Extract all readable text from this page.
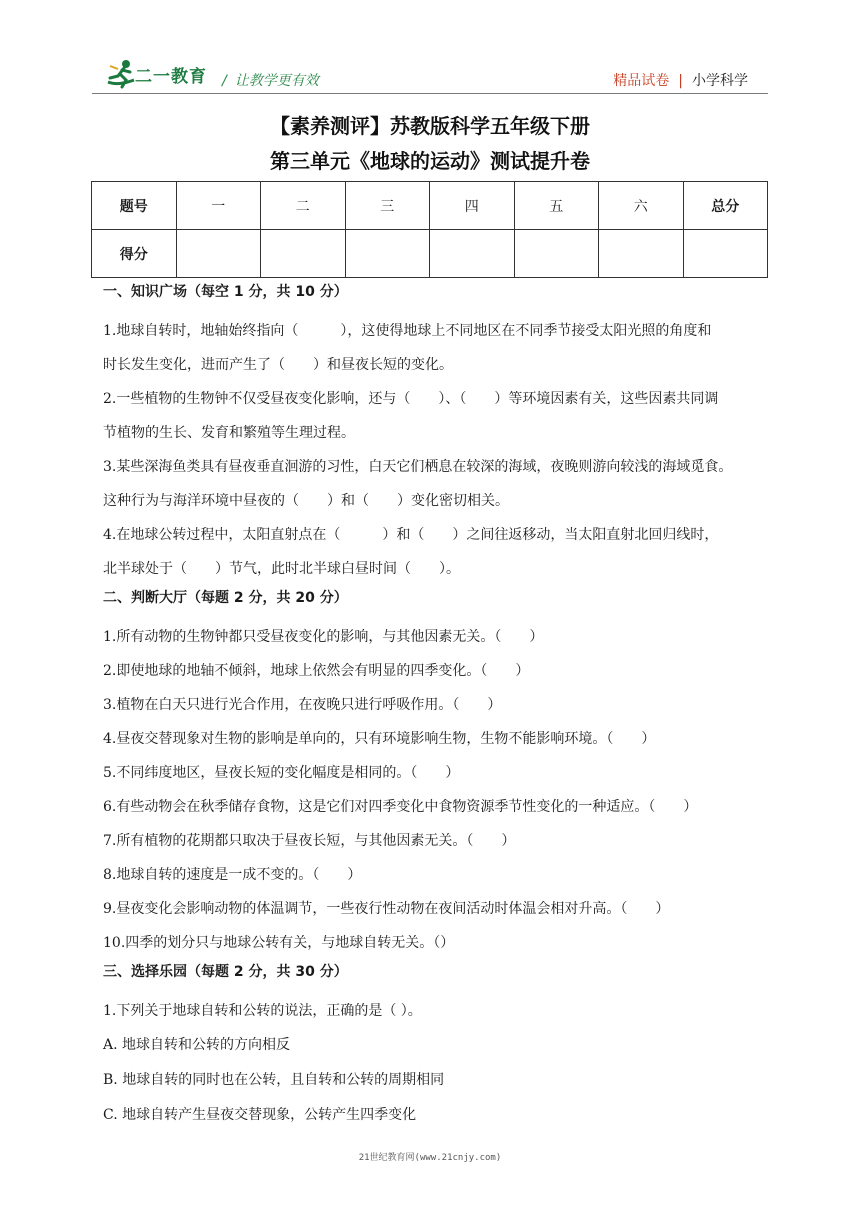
二一教育 / 让教学更有效	精品试卷 | 小学科学
【素养测评】苏教版科学五年级下册
第三单元《地球的运动》测试提升卷
题号	一	二	三	四	五	六	总分
得分							
一、知识广场（每空 1 分，共 10 分）

1.地球自转时，地轴始终指向（　　　），这使得地球上不同地区在不同季节接受太阳光照的角度和

时长发生变化，进而产生了（　　）和昼夜长短的变化。

2.一些植物的生物钟不仅受昼夜变化影响，还与（　　）、（　　）等环境因素有关，这些因素共同调

节植物的生长、发育和繁殖等生理过程。

3.某些深海鱼类具有昼夜垂直洄游的习性，白天它们栖息在较深的海域，夜晚则游向较浅的海域觅食。

这种行为与海洋环境中昼夜的（　　）和（　　）变化密切相关。

4.在地球公转过程中，太阳直射点在（　　　）和（　　）之间往返移动，当太阳直射北回归线时，

北半球处于（　　）节气，此时北半球白昼时间（　　）。

二、判断大厅（每题 2 分，共 20 分）

1.所有动物的生物钟都只受昼夜变化的影响，与其他因素无关。（　　）

2.即使地球的地轴不倾斜，地球上依然会有明显的四季变化。（　　）

3.植物在白天只进行光合作用，在夜晚只进行呼吸作用。（　　）

4.昼夜交替现象对生物的影响是单向的，只有环境影响生物，生物不能影响环境。（　　）

5.不同纬度地区，昼夜长短的变化幅度是相同的。（　　）

6.有些动物会在秋季储存食物，这是它们对四季变化中食物资源季节性变化的一种适应。（　　）

7.所有植物的花期都只取决于昼夜长短，与其他因素无关。（　　）

8.地球自转的速度是一成不变的。（　　）

9.昼夜变化会影响动物的体温调节，一些夜行性动物在夜间活动时体温会相对升高。（　　）

10.四季的划分只与地球公转有关，与地球自转无关。（）

三、选择乐园（每题 2 分，共 30 分）

1.下列关于地球自转和公转的说法，正确的是（ ）。

A. 地球自转和公转的方向相反

B. 地球自转的同时也在公转，且自转和公转的周期相同

C. 地球自转产生昼夜交替现象，公转产生四季变化

21世纪教育网(www.21cnjy.com)
